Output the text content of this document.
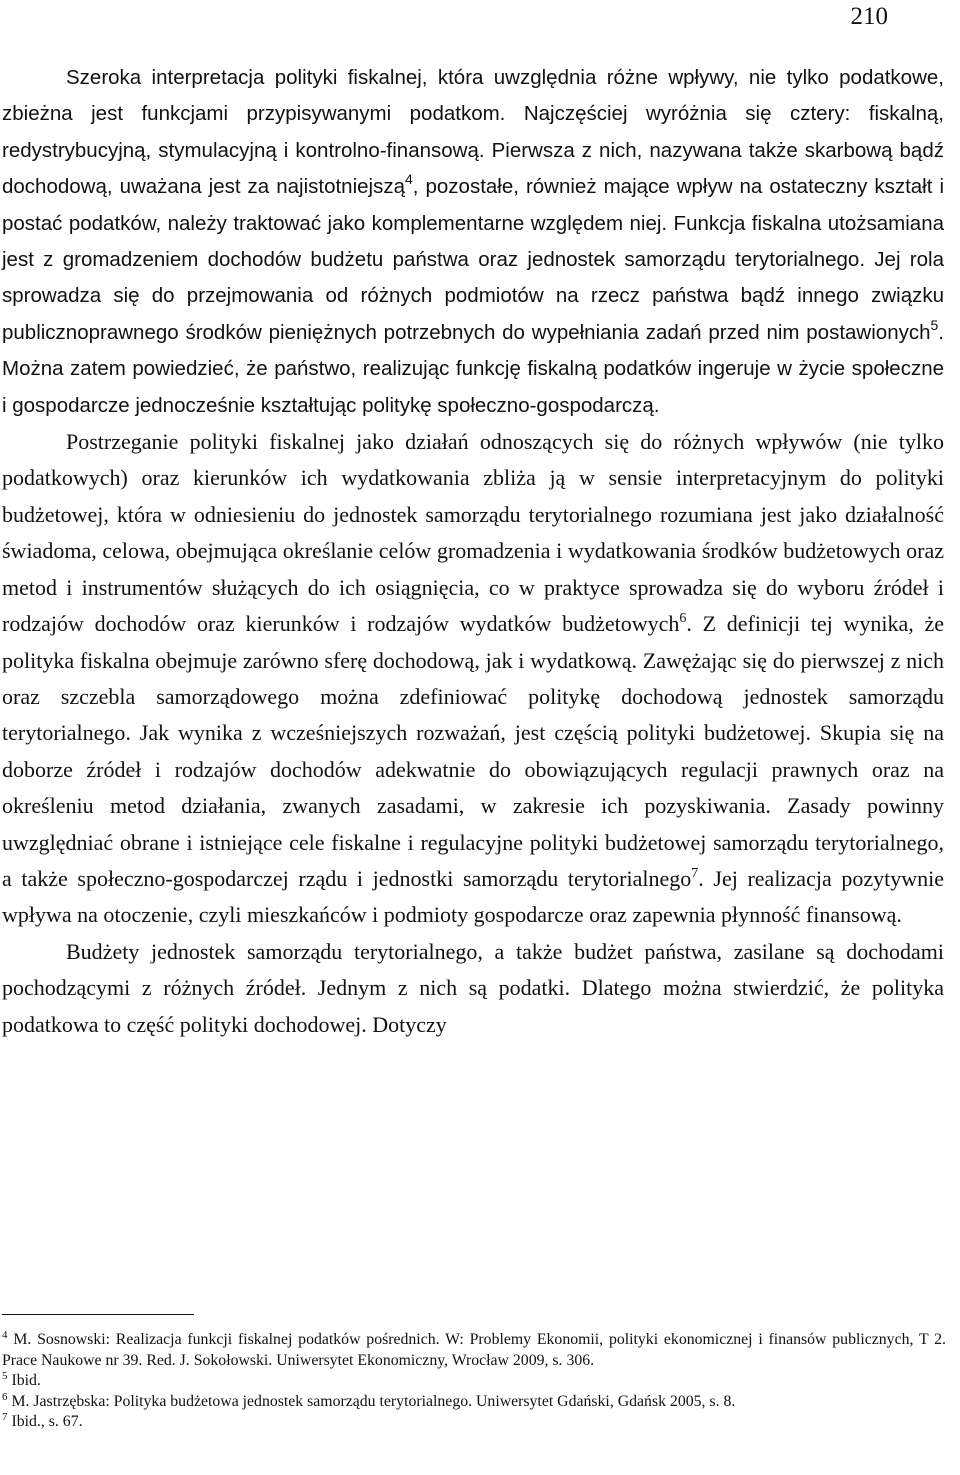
210

Szeroka interpretacja polityki fiskalnej, która uwzględnia różne wpływy, nie tylko podatkowe, zbieżna jest funkcjami przypisywanymi podatkom. Najczęściej wyróżnia się cztery: fiskalną, redystrybucyjną, stymulacyjną i kontrolno-finansową. Pierwsza z nich, nazywana także skarbową bądź dochodową, uważana jest za najistotniejszą$^4$, pozostałe, również mające wpływ na ostateczny kształt i postać podatków, należy traktować jako komplementarne względem niej. Funkcja fiskalna utożsamiana jest z gromadzeniem dochodów budżetu państwa oraz jednostek samorządu terytorialnego. Jej rola sprowadza się do przejmowania od różnych podmiotów na rzecz państwa bądź innego związku publicznoprawnego środków pieniężnych potrzebnych do wypełniania zadań przed nim postawionych$^5$. Można zatem powiedzieć, że państwo, realizując funkcję fiskalną podatków ingeruje w życie społeczne i gospodarcze jednocześnie kształtując politykę społeczno-gospodarczą.

Postrzeganie polityki fiskalnej jako działań odnoszących się do różnych wpływów (nie tylko podatkowych) oraz kierunków ich wydatkowania zbliża ją w sensie interpretacyjnym do polityki budżetowej, która w odniesieniu do jednostek samorządu terytorialnego rozumiana jest jako działalność świadoma, celowa, obejmująca określanie celów gromadzenia i wydatkowania środków budżetowych oraz metod i instrumentów służących do ich osiągnięcia, co w praktyce sprowadza się do wyboru źródeł i rodzajów dochodów oraz kierunków i rodzajów wydatków budżetowych$^6$. Z definicji tej wynika, że polityka fiskalna obejmuje zarówno sferę dochodową, jak i wydatkową. Zawężając się do pierwszej z nich oraz szczebla samorządowego można zdefiniować politykę dochodową jednostek samorządu terytorialnego. Jak wynika z wcześniejszych rozważań, jest częścią polityki budżetowej. Skupia się na doborze źródeł i rodzajów dochodów adekwatnie do obowiązujących regulacji prawnych oraz na określeniu metod działania, zwanych zasadami, w zakresie ich pozyskiwania. Zasady powinny uwzględniać obrane i istniejące cele fiskalne i regulacyjne polityki budżetowej samorządu terytorialnego, a także społeczno-gospodarczej rządu i jednostki samorządu terytorialnego$^7$. Jej realizacja pozytywnie wpływa na otoczenie, czyli mieszkańców i podmioty gospodarcze oraz zapewnia płynność finansową.

Budżety jednostek samorządu terytorialnego, a także budżet państwa, zasilane są dochodami pochodzącymi z różnych źródeł. Jednym z nich są podatki. Dlatego można stwierdzić, że polityka podatkowa to część polityki dochodowej. Dotyczy

$^4$ M. Sosnowski: Realizacja funkcji fiskalnej podatków pośrednich. W: Problemy Ekonomii, polityki ekonomicznej i finansów publicznych, T 2. Prace Naukowe nr 39. Red. J. Sokołowski. Uniwersytet Ekonomiczny, Wrocław 2009, s. 306.

$^5$ Ibid.

$^6$ M. Jastrzębska: Polityka budżetowa jednostek samorządu terytorialnego. Uniwersytet Gdański, Gdańsk 2005, s. 8.

$^7$ Ibid., s. 67.
